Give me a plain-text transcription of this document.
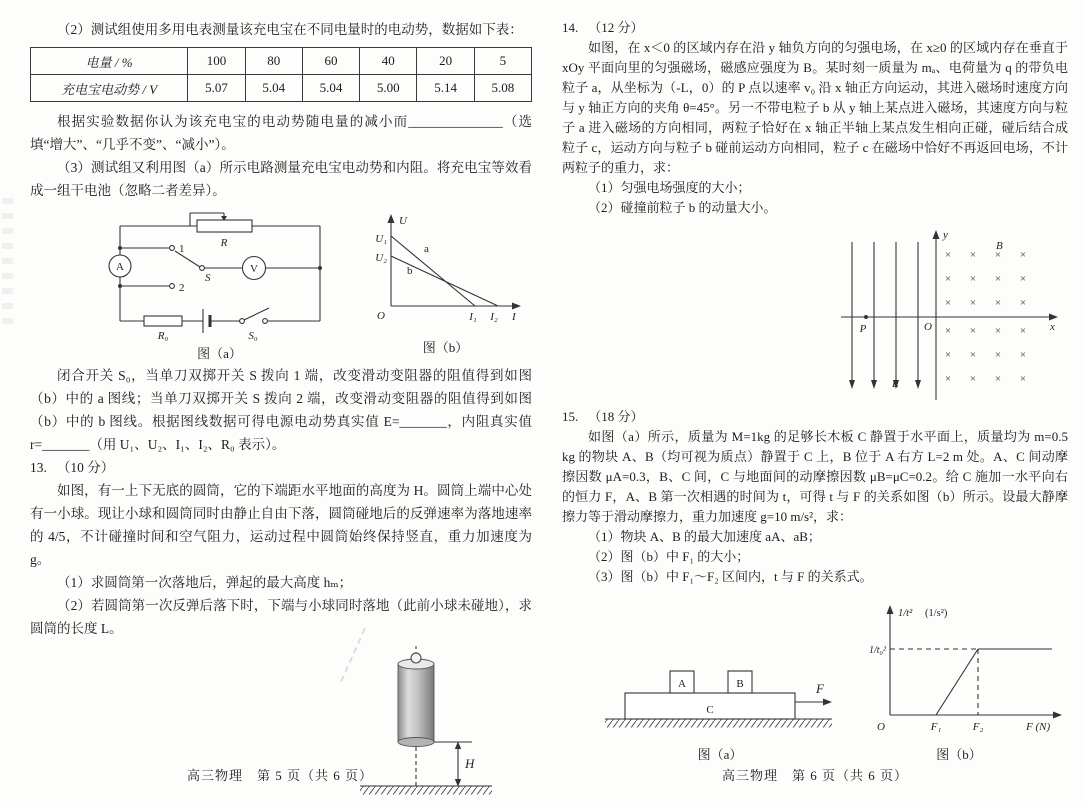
（2）测试组使用多用电表测量该充电宝在不同电量时的电动势，数据如下表：

电量 / %	100	80	60	40	20	5
充电宝电动势 / V	5.07	5.04	5.04	5.00	5.14	5.08

根据实验数据你认为该充电宝的电动势随电量的减小而______________（选填“增大”、“几乎不变”、“减小”）。

（3）测试组又利用图（a）所示电路测量充电宝电动势和内阻。将充电宝等效看成一组干电池（忽略二者差异）。

R
A	V
1
2
S
R₀	S₀
图（a）
U
I
U₁
U₂
a
b
I₁ I₂
O
图（b）

闭合开关 S₀，当单刀双掷开关 S 拨向 1 端，改变滑动变阻器的阻值得到如图（b）中的 a 图线；当单刀双掷开关 S 拨向 2 端，改变滑动变阻器的阻值得到如图（b）中的 b 图线。根据图线数据可得电源电动势真实值 E=_______，内阻真实值 r=_______（用 U₁、U₂、I₁、I₂、R₀ 表示）。

13. （10 分）

如图，有一上下无底的圆筒，它的下端距水平地面的高度为 H。圆筒上端中心处有一小球。现让小球和圆筒同时由静止自由下落，圆筒碰地后的反弹速率为落地速率的 4/5，不计碰撞时间和空气阻力，运动过程中圆筒始终保持竖直，重力加速度为 g。

（1）求圆筒第一次落地后，弹起的最大高度 hₘ；

（2）若圆筒第一次反弹后落下时，下端与小球同时落地（此前小球未碰地），求圆筒的长度 L。

H
高三物理　第 5 页（共 6 页）

14. （12 分）

如图，在 x＜0 的区域内存在沿 y 轴负方向的匀强电场，在 x≥0 的区域内存在垂直于 xOy 平面向里的匀强磁场，磁感应强度为 B。某时刻一质量为 mₐ、电荷量为 q 的带负电粒子 a，从坐标为（-L，0）的 P 点以速率 v₀ 沿 x 轴正方向运动，其进入磁场时速度方向与 y 轴正方向的夹角 θ=45°。另一不带电粒子 b 从 y 轴上某点进入磁场，其速度方向与粒子 a 进入磁场的方向相同，两粒子恰好在 x 轴正半轴上某点发生相向正碰，碰后结合成粒子 c，运动方向与粒子 b 碰前运动方向相同，粒子 c 在磁场中恰好不再返回电场，不计两粒子的重力，求：

（1）匀强电场强度的大小；

（2）碰撞前粒子 b 的动量大小。

y
x
O
P
E
B
× × × ×
× × × ×
× × × ×
× × × ×
× × × ×
× × × ×

15. （18 分）

如图（a）所示，质量为 M=1kg 的足够长木板 C 静置于水平面上，质量均为 m=0.5 kg 的物块 A、B（均可视为质点）静置于 C 上，B 位于 A 右方 L=2 m 处。A、C 间动摩擦因数 μA=0.3，B、C 间，C 与地面间的动摩擦因数 μB=μC=0.2。给 C 施加一水平向右的恒力 F，A、B 第一次相遇的时间为 t，可得 t 与 F 的关系如图（b）所示。设最大静摩擦力等于滑动摩擦力，重力加速度 g=10 m/s²，求：

（1）物块 A、B 的最大加速度 aA、aB；

（2）图（b）中 F₁ 的大小；

（3）图（b）中 F₁～F₂ 区间内，t 与 F 的关系式。

C
A	B	F
图（a）
1/t² (1/s²)
1/t₀²
O	F₁	F₂	F (N)
图（b）
高三物理　第 6 页（共 6 页）
